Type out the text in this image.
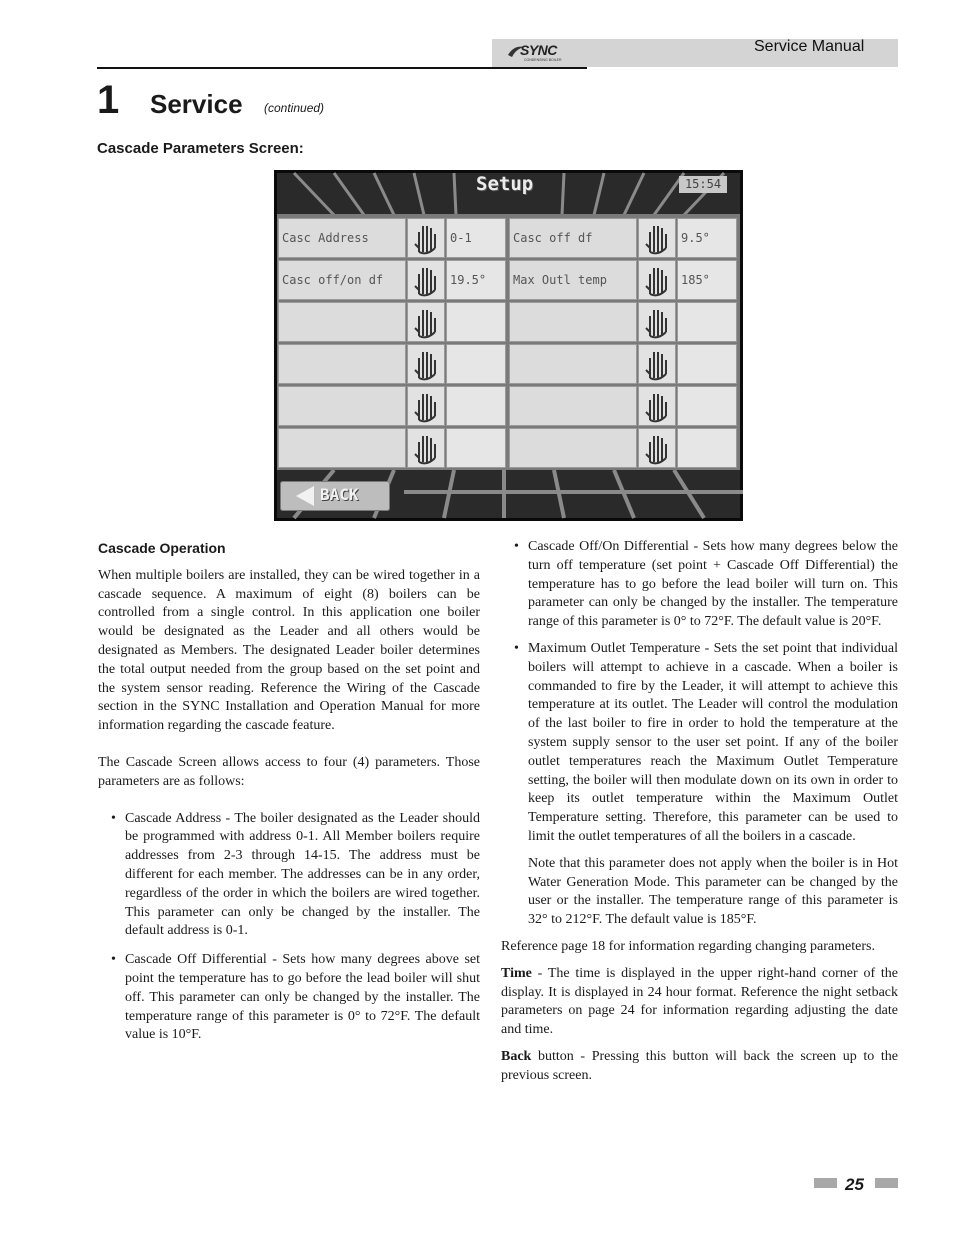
SYNC
CONDENSING BOILER
Service Manual
1 Service (continued)
Cascade Parameters Screen:
Setup	15:54
Casc Address	0-1	Casc off df	9.5°
Casc off/on df	19.5°	Max Outl temp	185°
BACK
Cascade Operation

When multiple boilers are installed, they can be wired together in a cascade sequence. A maximum of eight (8) boilers can be controlled from a single control. In this application one boiler would be designated as the Leader and all others would be designated as Members. The designated Leader boiler determines the total output needed from the group based on the set point and the system sensor reading. Reference the Wiring of the Cascade section in the SYNC Installation and Operation Manual for more information regarding the cascade feature.

The Cascade Screen allows access to four (4) parameters. Those parameters are as follows:

• Cascade Address - The boiler designated as the Leader should be programmed with address 0-1. All Member boilers require addresses from 2-3 through 14-15. The address must be different for each member. The addresses can be in any order, regardless of the order in which the boilers are wired together. This parameter can only be changed by the installer. The default address is 0-1.
• Cascade Off Differential - Sets how many degrees above set point the temperature has to go before the lead boiler will shut off. This parameter can only be changed by the installer. The temperature range of this parameter is 0° to 72°F. The default value is 10°F.
• Cascade Off/On Differential - Sets how many degrees below the turn off temperature (set point + Cascade Off Differential) the temperature has to go before the lead boiler will turn on. This parameter can only be changed by the installer. The temperature range of this parameter is 0° to 72°F. The default value is 20°F.
• Maximum Outlet Temperature - Sets the set point that individual boilers will attempt to achieve in a cascade. When a boiler is commanded to fire by the Leader, it will attempt to achieve this temperature at its outlet. The Leader will control the modulation of the last boiler to fire in order to hold the temperature at the system supply sensor to the user set point. If any of the boiler outlet temperatures reach the Maximum Outlet Temperature setting, the boiler will then modulate down on its own in order to keep its outlet temperature within the Maximum Outlet Temperature setting. Therefore, this parameter can be used to limit the outlet temperatures of all the boilers in a cascade.
Note that this parameter does not apply when the boiler is in Hot Water Generation Mode. This parameter can be changed by the user or the installer. The temperature range of this parameter is 32° to 212°F. The default value is 185°F.

Reference page 18 for information regarding changing parameters.

Time - The time is displayed in the upper right-hand corner of the display. It is displayed in 24 hour format. Reference the night setback parameters on page 24 for information regarding adjusting the date and time.

Back button - Pressing this button will back the screen up to the previous screen.

25
